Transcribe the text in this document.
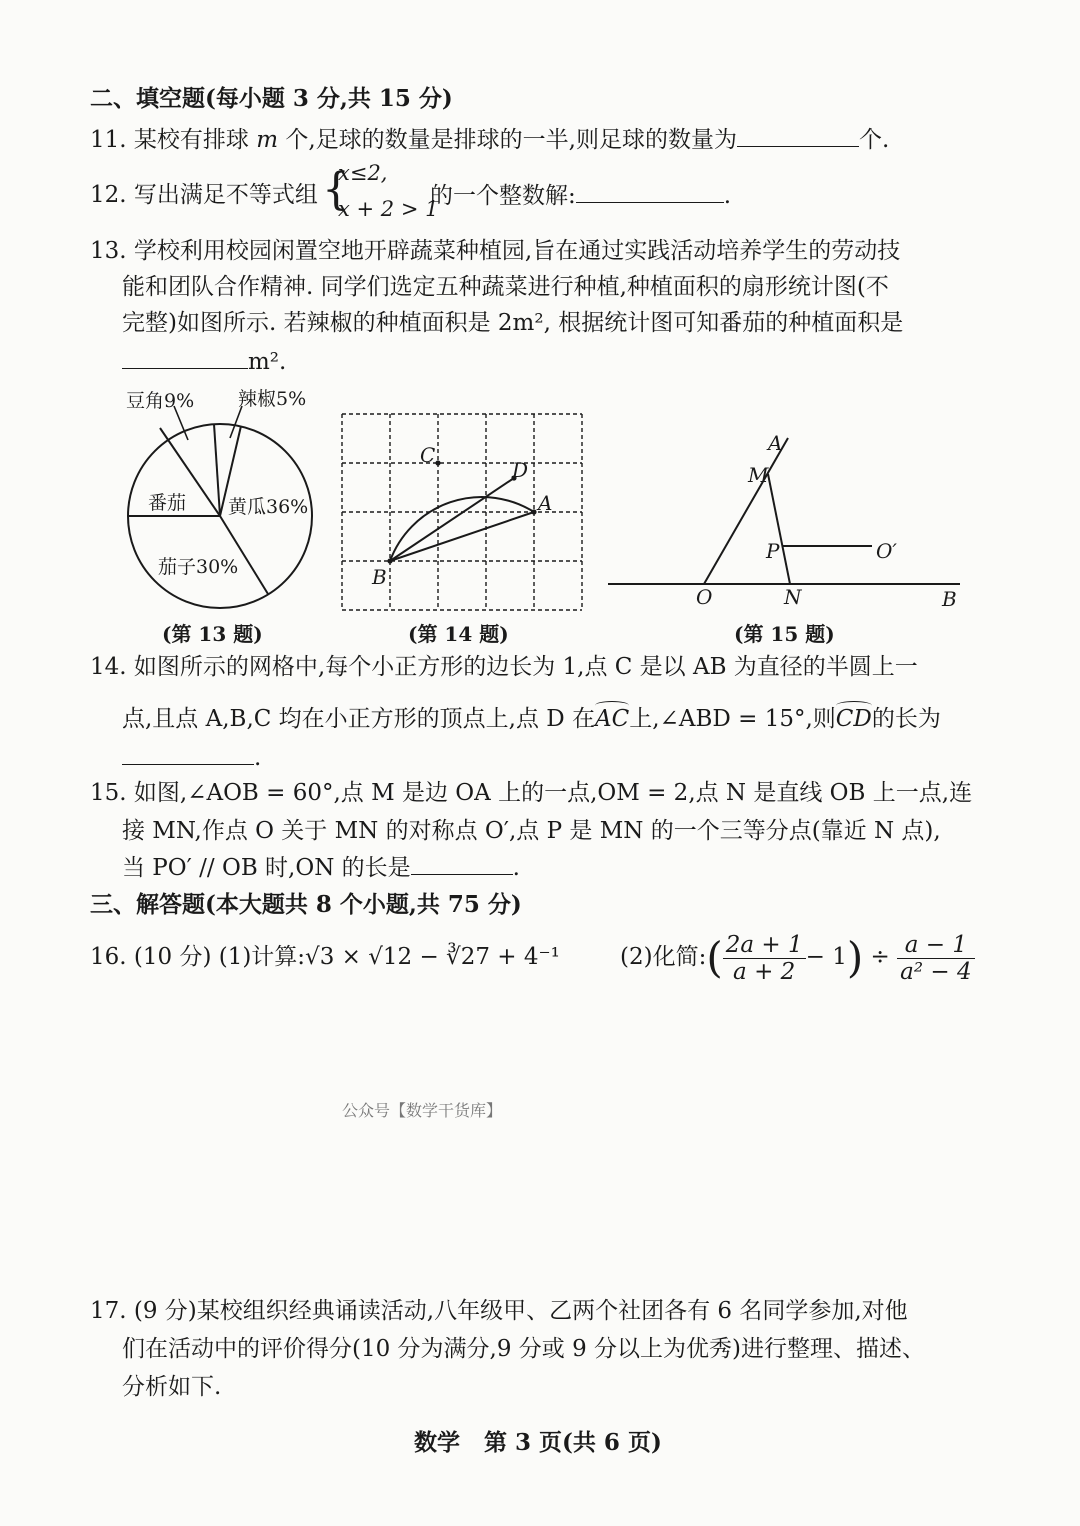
二、填空题(每小题 3 分,共 15 分)
11. 某校有排球 m 个,足球的数量是排球的一半,则足球的数量为	个.
12. 写出满足不等式组 {
x≤2,
x + 2 > 1
的一个整数解:	.
13. 学校利用校园闲置空地开辟蔬菜种植园,旨在通过实践活动培养学生的劳动技
能和团队合作精神. 同学们选定五种蔬菜进行种植,种植面积的扇形统计图(不
完整)如图所示. 若辣椒的种植面积是 2m², 根据统计图可知番茄的种植面积是
m².
豆角9% 辣椒5%
番茄 黄瓜36%
茄子30%
(第 13 题)
C
D
A
B
(第 14 题)
A
M
P	O′
O	N	B
(第 15 题)
14. 如图所示的网格中,每个小正方形的边长为 1,点 C 是以 AB 为直径的半圆上一
点,且点 A,B,C 均在小正方形的顶点上,点 D 在AC上,∠ABD = 15°,则CD的长为
.
15. 如图,∠AOB = 60°,点 M 是边 OA 上的一点,OM = 2,点 N 是直线 OB 上一点,连
接 MN,作点 O 关于 MN 的对称点 O′,点 P 是 MN 的一个三等分点(靠近 N 点),
当 PO′ // OB 时,ON 的长是	.
三、解答题(本大题共 8 个小题,共 75 分)
16. (10 分) (1)计算:√3 × √12 − ∛27 + 4⁻¹	(2)化简:( $\frac{2a + 1}{a + 2} - 1) \div \frac{a - 1}{\text{a² − 4}}$
公众号【数学干货库】
17. (9 分)某校组织经典诵读活动,八年级甲、乙两个社团各有 6 名同学参加,对他
们在活动中的评价得分(10 分为满分,9 分或 9 分以上为优秀)进行整理、描述、
分析如下.
数学   第 3 页(共 6 页)
